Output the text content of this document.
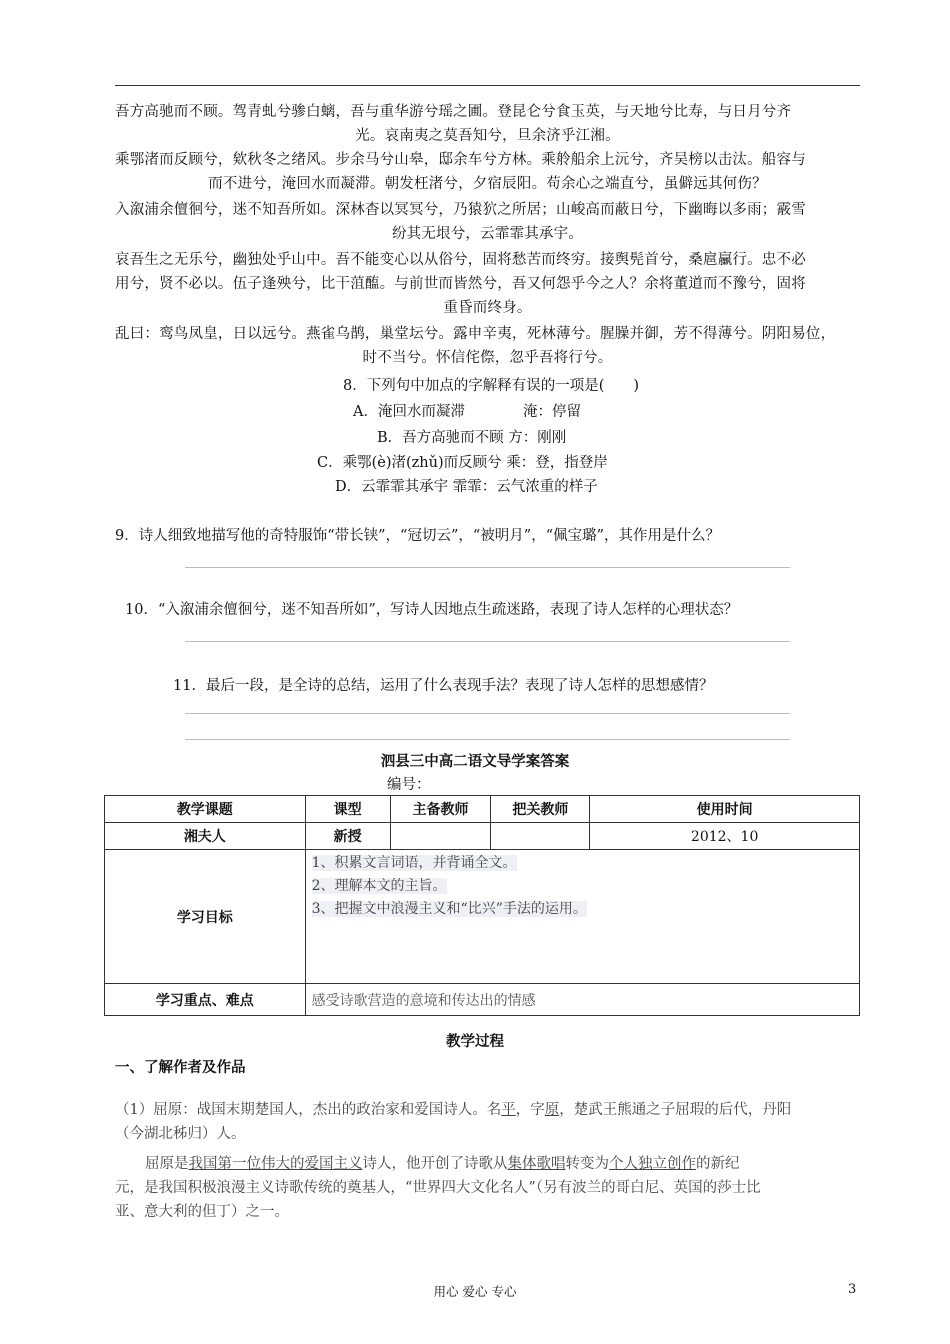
吾方高驰而不顾。驾青虬兮骖白螭，吾与重华游兮瑶之圃。登昆仑兮食玉英，与天地兮比寿，与日月兮齐
光。哀南夷之莫吾知兮，旦余济乎江湘。
乘鄂渚而反顾兮，欸秋冬之绪风。步余马兮山皋，邸余车兮方林。乘舲船余上沅兮，齐吴榜以击汰。船容与
而不进兮，淹回水而凝滞。朝发枉渚兮，夕宿辰阳。苟余心之端直兮，虽僻远其何伤？
入溆浦余儃徊兮，迷不知吾所如。深林杳以冥冥兮，乃猿狖之所居；山峻高而蔽日兮，下幽晦以多雨；霰雪
纷其无垠兮，云霏霏其承宇。
哀吾生之无乐兮，幽独处乎山中。吾不能变心以从俗兮，固将愁苦而终穷。接舆髡首兮，桑扈臝行。忠不必
用兮，贤不必以。伍子逢殃兮，比干菹醢。与前世而皆然兮，吾又何怨乎今之人？余将董道而不豫兮，固将
重昏而终身。
乱曰：鸾鸟凤皇，日以远兮。燕雀乌鹊，巢堂坛兮。露申辛夷，死林薄兮。腥臊并御，芳不得薄兮。阴阳易位，
时不当兮。怀信侘傺，忽乎吾将行兮。
8．下列句中加点的字解释有误的一项是(　　)
A．淹回水而凝滞　　　　淹：停留
B．吾方高驰而不顾 方：刚刚
C．乘鄂(è)渚(zhǔ)而反顾兮 乘：登，指登岸
D．云霏霏其承宇 霏霏：云气浓重的样子
9．诗人细致地描写他的奇特服饰“带长铗”，“冠切云”，“被明月”，“佩宝璐”，其作用是什么？
10．“入溆浦余儃徊兮，迷不知吾所如”，写诗人因地点生疏迷路，表现了诗人怎样的心理状态？
11．最后一段，是全诗的总结，运用了什么表现手法？表现了诗人怎样的思想感情？
泗县三中高二语文导学案答案
编号：
教学课题	课型	主备教师	把关教师	使用时间
湘夫人	新授			2012、10
学习目标	1、积累文言词语，并背诵全文。
2、理解本文的主旨。
3、把握文中浪漫主义和“比兴”手法的运用。			

学习重点、难点	感受诗歌营造的意境和传达出的情感			
教学过程
一、了解作者及作品
（1）屈原：战国末期楚国人，杰出的政治家和爱国诗人。名平，字原，楚武王熊通之子屈瑕的后代，丹阳
（今湖北秭归）人。
屈原是我国第一位伟大的爱国主义诗人，他开创了诗歌从集体歌唱转变为个人独立创作的新纪
元，是我国积极浪漫主义诗歌传统的奠基人，“世界四大文化名人”（另有波兰的哥白尼、英国的莎士比
亚、意大利的但丁）之一。
用心 爱心 专心	3
